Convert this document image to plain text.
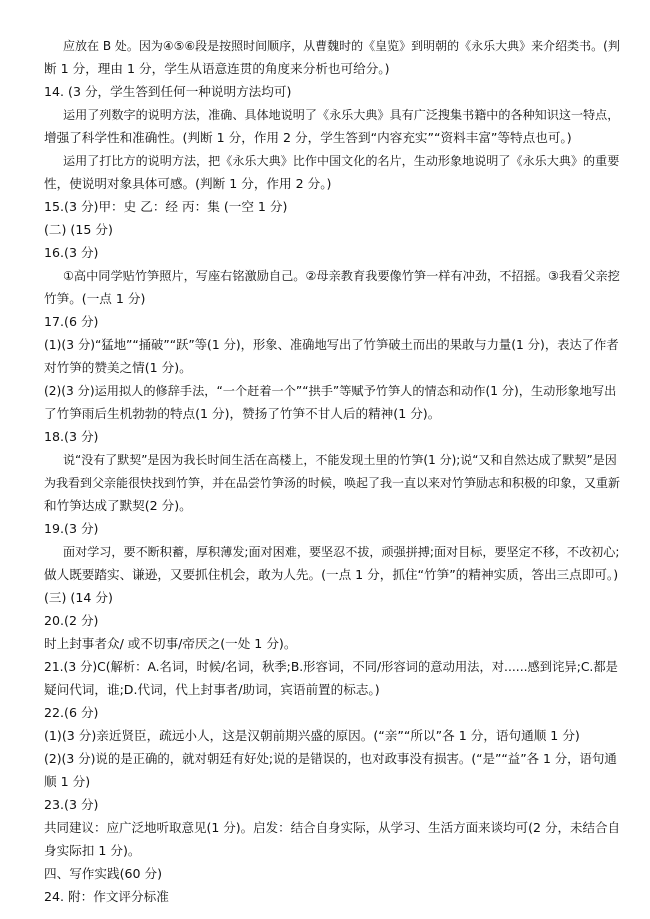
应放在 B 处。因为④⑤⑥段是按照时间顺序，从曹魏时的《皇览》到明朝的《永乐大典》来介绍类书。(判
断 1 分，理由 1 分，学生从语意连贯的角度来分析也可给分。)
14. (3 分，学生答到任何一种说明方法均可)
运用了列数字的说明方法，准确、具体地说明了《永乐大典》具有广泛搜集书籍中的各种知识这一特点，
增强了科学性和准确性。(判断 1 分，作用 2 分，学生答到“内容充实”“资料丰富”等特点也可。)
运用了打比方的说明方法，把《永乐大典》比作中国文化的名片，生动形象地说明了《永乐大典》的重要
性，使说明对象具体可感。(判断 1 分，作用 2 分。)
15.(3 分)甲：史 乙：经 丙：集 (一空 1 分)
(二) (15 分)
16.(3 分)
①高中同学贴竹笋照片，写座右铭激励自己。②母亲教育我要像竹笋一样有冲劲，不招摇。③我看父亲挖
竹笋。(一点 1 分)
17.(6 分)
(1)(3 分)“猛地”“捅破”“跃”等(1 分)，形象、准确地写出了竹笋破土而出的果敢与力量(1 分)，表达了作者
对竹笋的赞美之情(1 分)。
(2)(3 分)运用拟人的修辞手法，“一个赶着一个”“拱手”等赋予竹笋人的情态和动作(1 分)，生动形象地写出
了竹笋雨后生机勃勃的特点(1 分)，赞扬了竹笋不甘人后的精神(1 分)。
18.(3 分)
说“没有了默契”是因为我长时间生活在高楼上，不能发现土里的竹笋(1 分);说“又和自然达成了默契”是因
为我看到父亲能很快找到竹笋，并在品尝竹笋汤的时候，唤起了我一直以来对竹笋励志和积极的印象，又重新
和竹笋达成了默契(2 分)。
19.(3 分)
面对学习，要不断积蓄，厚积薄发;面对困难，要坚忍不拔，顽强拼搏;面对目标，要坚定不移，不改初心;
做人既要踏实、谦逊，又要抓住机会，敢为人先。(一点 1 分，抓住“竹笋”的精神实质，答出三点即可。)
(三) (14 分)
20.(2 分)
时上封事者众/ 或不切事/帝厌之(一处 1 分)。
21.(3 分)C(解析：A.名词，时候/名词，秋季;B.形容词，不同/形容词的意动用法，对......感到诧异;C.都是
疑问代词，谁;D.代词，代上封事者/助词，宾语前置的标志。)
22.(6 分)
(1)(3 分)亲近贤臣，疏远小人，这是汉朝前期兴盛的原因。(“亲”“所以”各 1 分，语句通顺 1 分)
(2)(3 分)说的是正确的，就对朝廷有好处;说的是错误的，也对政事没有损害。(“是”“益”各 1 分，语句通
顺 1 分)
23.(3 分)
共同建议：应广泛地听取意见(1 分)。启发：结合自身实际，从学习、生活方面来谈均可(2 分，未结合自
身实际扣 1 分)。
四、写作实践(60 分)
24. 附：作文评分标准
